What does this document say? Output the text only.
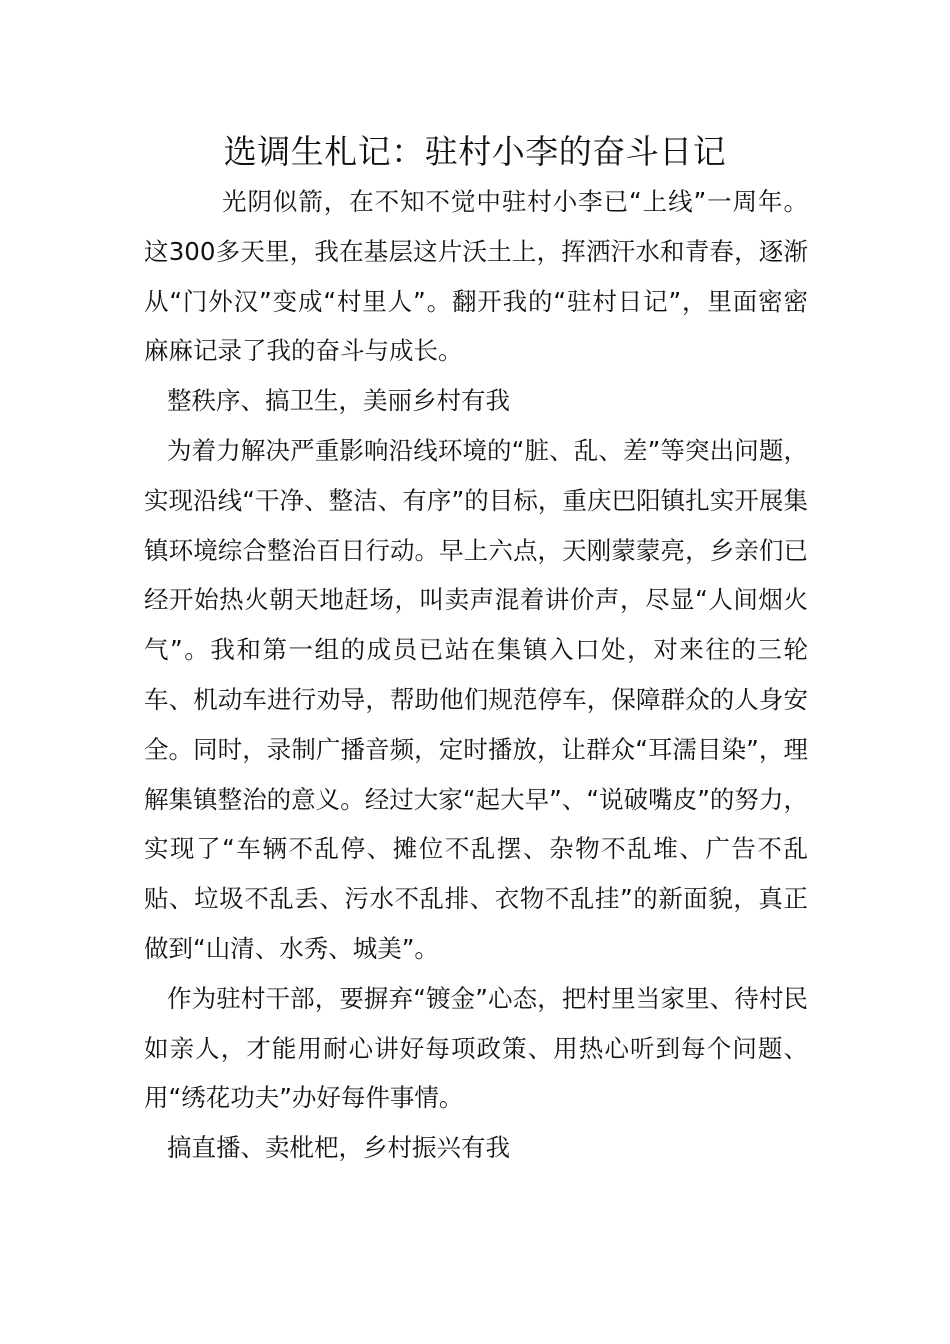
选调生札记：驻村小李的奋斗日记

光阴似箭，在不知不觉中驻村小李已“上线”一周年。这300多天里，我在基层这片沃土上，挥洒汗水和青春，逐渐从“门外汉”变成“村里人”。翻开我的“驻村日记”，里面密密麻麻记录了我的奋斗与成长。

整秩序、搞卫生，美丽乡村有我

为着力解决严重影响沿线环境的“脏、乱、差”等突出问题，实现沿线“干净、整洁、有序”的目标，重庆巴阳镇扎实开展集镇环境综合整治百日行动。早上六点，天刚蒙蒙亮，乡亲们已经开始热火朝天地赶场，叫卖声混着讲价声，尽显“人间烟火气”。我和第一组的成员已站在集镇入口处，对来往的三轮车、机动车进行劝导，帮助他们规范停车，保障群众的人身安全。同时，录制广播音频，定时播放，让群众“耳濡目染”，理解集镇整治的意义。经过大家“起大早”、“说破嘴皮”的努力，实现了“车辆不乱停、摊位不乱摆、杂物不乱堆、广告不乱贴、垃圾不乱丢、污水不乱排、衣物不乱挂”的新面貌，真正做到“山清、水秀、城美”。

作为驻村干部，要摒弃“镀金”心态，把村里当家里、待村民如亲人，才能用耐心讲好每项政策、用热心听到每个问题、用“绣花功夫”办好每件事情。

搞直播、卖枇杷，乡村振兴有我
